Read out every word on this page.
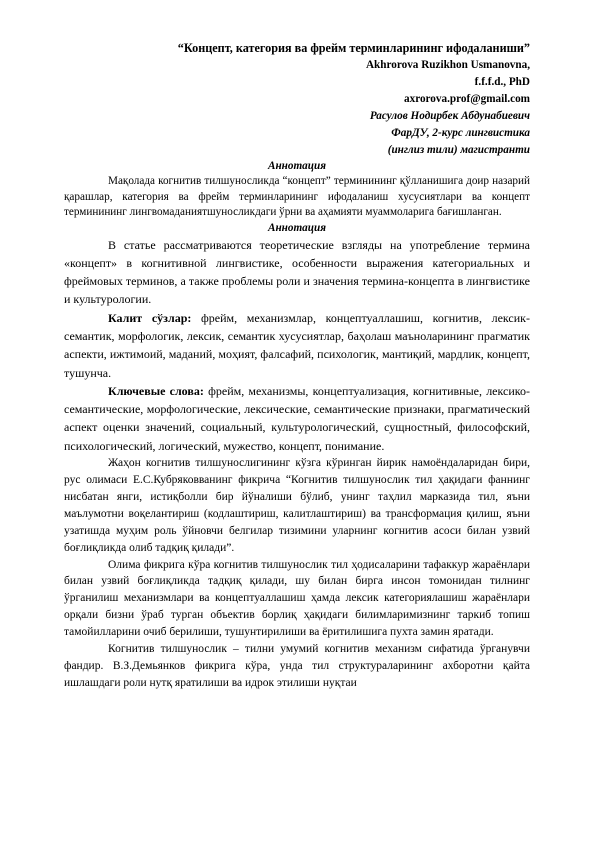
“Концепт, категория ва фрейм терминларининг ифодаланиши”

Akhrorova Ruzikhon Usmanovna,

f.f.f.d., PhD

axrorova.prof@gmail.com

Расулов Нодирбек Абдунабиевич

ФарДУ, 2-курс лингвистика

(инглиз тили) магистранти

Аннотация

Мақолада когнитив тилшуносликда “концепт” терминининг қўлланишига доир назарий қарашлар, категория ва фрейм терминларининг ифодаланиш хусусиятлари ва концепт терминининг лингвомаданиятшуносликдаги ўрни ва аҳамияти муаммоларига бағишланган.

Аннотация

В статье рассматриваются теоретические взгляды на употребление термина «концепт» в когнитивной лингвистике, особенности выражения категориальных и фреймовых терминов, а также проблемы роли и значения термина-концепта в лингвистике и культурологии.

Калит сўзлар: фрейм, механизмлар, концептуаллашиш, когнитив, лексик-семантик, морфологик, лексик, семантик хусусиятлар, баҳолаш маъноларининг прагматик аспекти, ижтимоий, маданий, моҳият, фалсафий, психологик, мантиқий, мардлик, концепт, тушунча.

Ключевые слова: фрейм, механизмы, концептуализация, когнитивные, лексико-семантические, морфологические, лексические, семантические признаки, прагматический аспект оценки значений, социальный, культурологический, сущностный, философский, психологический, логический, мужество, концепт, понимание.

Жаҳон когнитив тилшунослигининг кўзга кўринган йирик намоёндаларидан бири, рус олимаси Е.С.Кубряковванинг фикрича “Когнитив тилшунослик тил ҳақидаги фаннинг нисбатан янги, истиқболли бир йўналиши бўлиб, унинг таҳлил марказида тил, яъни маълумотни воқелантириш (кодлаштириш, калитлаштириш) ва трансформация қилиш, яъни узатишда муҳим роль ўйновчи белгилар тизимини уларнинг когнитив асоси билан узвий боғлиқликда олиб тадқиқ қилади”.

Олима фикрига кўра когнитив тилшунослик тил ҳодисаларини тафаккур жараёнлари билан узвий боғлиқликда тадқиқ қилади, шу билан бирга инсон томонидан тилнинг ўрганилиш механизмлари ва концептуаллашиш ҳамда лексик категориялашиш жараёнлари орқали бизни ўраб турган объектив борлиқ ҳақидаги билимларимизнинг таркиб топиш тамойилларини очиб берилиши, тушунтирилиши ва ёритилишига пухта замин яратади.

Когнитив тилшунослик – тилни умумий когнитив механизм сифатида ўрганувчи фандир. В.З.Демьянков фикрига кўра, унда тил структураларининг ахборотни қайта ишлашдаги роли нутқ яратилиши ва идрок этилиши нуқтаи
